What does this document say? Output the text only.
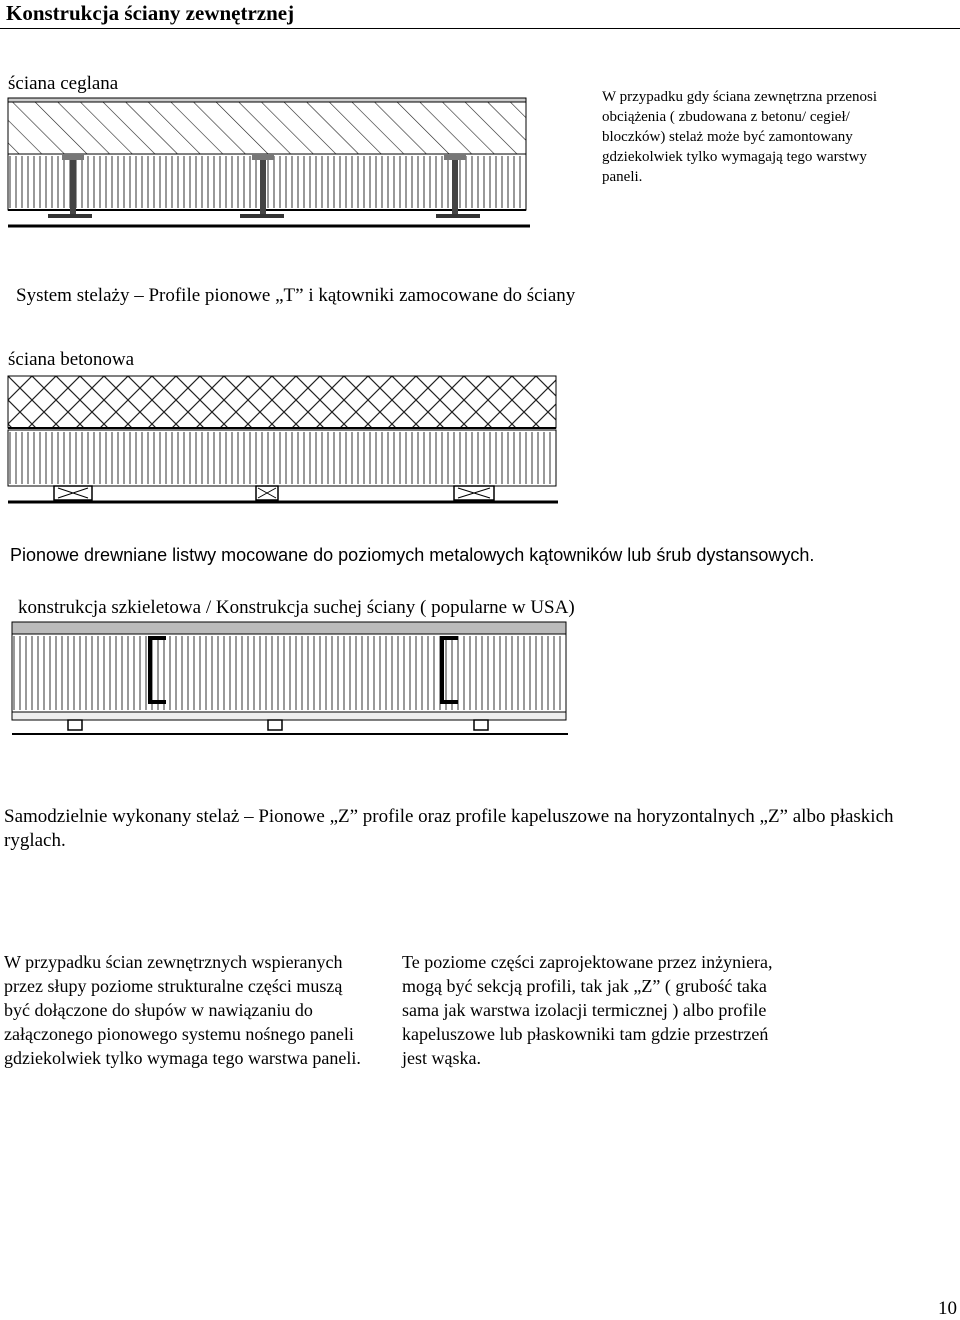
Konstrukcja ściany zewnętrznej
ściana ceglana
W przypadku gdy ściana zewnętrzna przenosi obciążenia ( zbudowana z betonu/ cegieł/ bloczków) stelaż może być zamontowany gdziekolwiek tylko wymagają tego warstwy paneli.
System stelaży – Profile pionowe „T” i kątowniki zamocowane do ściany
ściana betonowa
Pionowe drewniane listwy mocowane do poziomych metalowych kątowników lub śrub dystansowych.
konstrukcja szkieletowa / Konstrukcja suchej ściany ( popularne w USA)
Samodzielnie wykonany stelaż – Pionowe „Z” profile oraz profile kapeluszowe na horyzontalnych „Z” albo płaskich ryglach.
W przypadku ścian zewnętrznych wspieranych przez słupy poziome strukturalne części muszą być dołączone do słupów w nawiązaniu do załączonego pionowego systemu nośnego paneli gdziekolwiek tylko wymaga tego warstwa paneli.
Te poziome części zaprojektowane przez inżyniera, mogą być sekcją profili, tak jak „Z” ( grubość taka sama jak warstwa izolacji termicznej ) albo profile kapeluszowe lub płaskowniki tam gdzie przestrzeń jest wąska.
10
